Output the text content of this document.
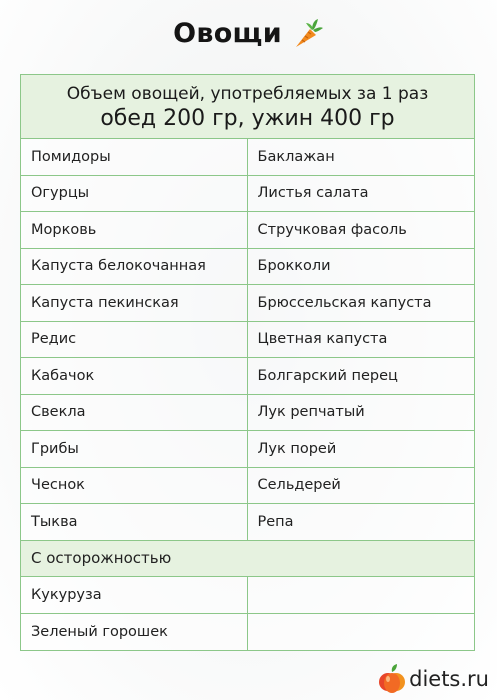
Овощи
Объем овощей, употребляемых за 1 раз
обед 200 гр, ужин 400 гр
Помидоры	Баклажан
Огурцы	Листья салата
Морковь	Стручковая фасоль
Капуста белокочанная	Брокколи
Капуста пекинская	Брюссельская капуста
Редис	Цветная капуста
Кабачок	Болгарский перец
Свекла	Лук репчатый
Грибы	Лук порей
Чеснок	Сельдерей
Тыква	Репа
С осторожностью
Кукуруза
Зеленый горошек
diets.ru
